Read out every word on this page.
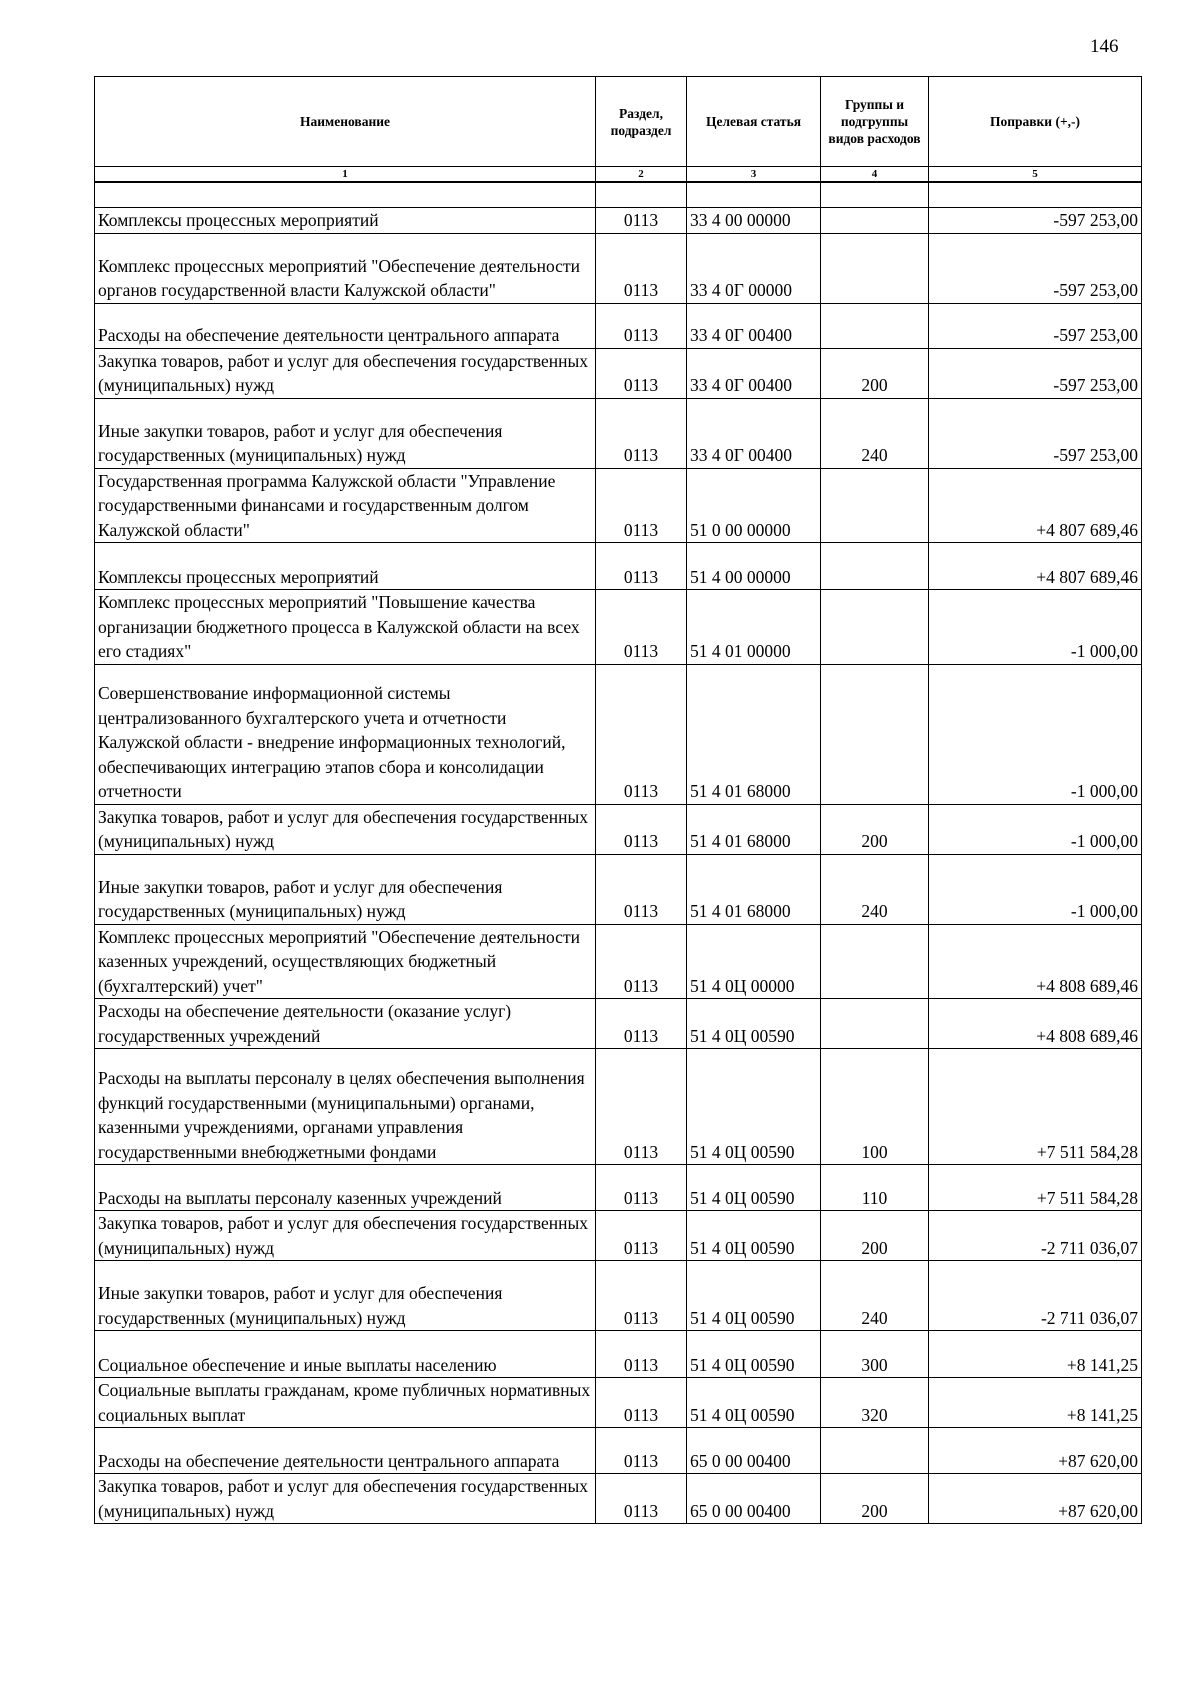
146
Наименование	Раздел, подраздел	Целевая статья	Группы и подгруппы видов расходов	Поправки (+,-)
1	2	3	4	5

Комплексы процессных мероприятий	0113	33 4 00 00000		-597 253,00
Комплекс процессных мероприятий "Обеспечение деятельности органов государственной власти Калужской области"	0113	33 4 0Г 00000		-597 253,00
Расходы на обеспечение деятельности центрального аппарата	0113	33 4 0Г 00400		-597 253,00
Закупка товаров, работ и услуг для обеспечения государственных (муниципальных) нужд	0113	33 4 0Г 00400	200	-597 253,00
Иные закупки товаров, работ и услуг для обеспечения государственных (муниципальных) нужд	0113	33 4 0Г 00400	240	-597 253,00
Государственная программа Калужской области "Управление государственными финансами и государственным долгом Калужской области"	0113	51 0 00 00000		+4 807 689,46
Комплексы процессных мероприятий	0113	51 4 00 00000		+4 807 689,46
Комплекс процессных мероприятий "Повышение качества организации бюджетного процесса в Калужской области на всех его стадиях"	0113	51 4 01 00000		-1 000,00
Совершенствование информационной системы централизованного бухгалтерского учета и отчетности Калужской области - внедрение информационных технологий, обеспечивающих интеграцию этапов сбора и консолидации отчетности	0113	51 4 01 68000		-1 000,00
Закупка товаров, работ и услуг для обеспечения государственных (муниципальных) нужд	0113	51 4 01 68000	200	-1 000,00
Иные закупки товаров, работ и услуг для обеспечения государственных (муниципальных) нужд	0113	51 4 01 68000	240	-1 000,00
Комплекс процессных мероприятий "Обеспечение деятельности казенных учреждений, осуществляющих бюджетный (бухгалтерский) учет"	0113	51 4 0Ц 00000		+4 808 689,46
Расходы на обеспечение деятельности (оказание услуг) государственных учреждений	0113	51 4 0Ц 00590		+4 808 689,46
Расходы на выплаты персоналу в целях обеспечения выполнения функций государственными (муниципальными) органами, казенными учреждениями, органами управления государственными внебюджетными фондами	0113	51 4 0Ц 00590	100	+7 511 584,28
Расходы на выплаты персоналу казенных учреждений	0113	51 4 0Ц 00590	110	+7 511 584,28
Закупка товаров, работ и услуг для обеспечения государственных (муниципальных) нужд	0113	51 4 0Ц 00590	200	-2 711 036,07
Иные закупки товаров, работ и услуг для обеспечения государственных (муниципальных) нужд	0113	51 4 0Ц 00590	240	-2 711 036,07
Социальное обеспечение и иные выплаты населению	0113	51 4 0Ц 00590	300	+8 141,25
Социальные выплаты гражданам, кроме публичных нормативных социальных выплат	0113	51 4 0Ц 00590	320	+8 141,25
Расходы на обеспечение деятельности центрального аппарата	0113	65 0 00 00400		+87 620,00
Закупка товаров, работ и услуг для обеспечения государственных (муниципальных) нужд	0113	65 0 00 00400	200	+87 620,00
